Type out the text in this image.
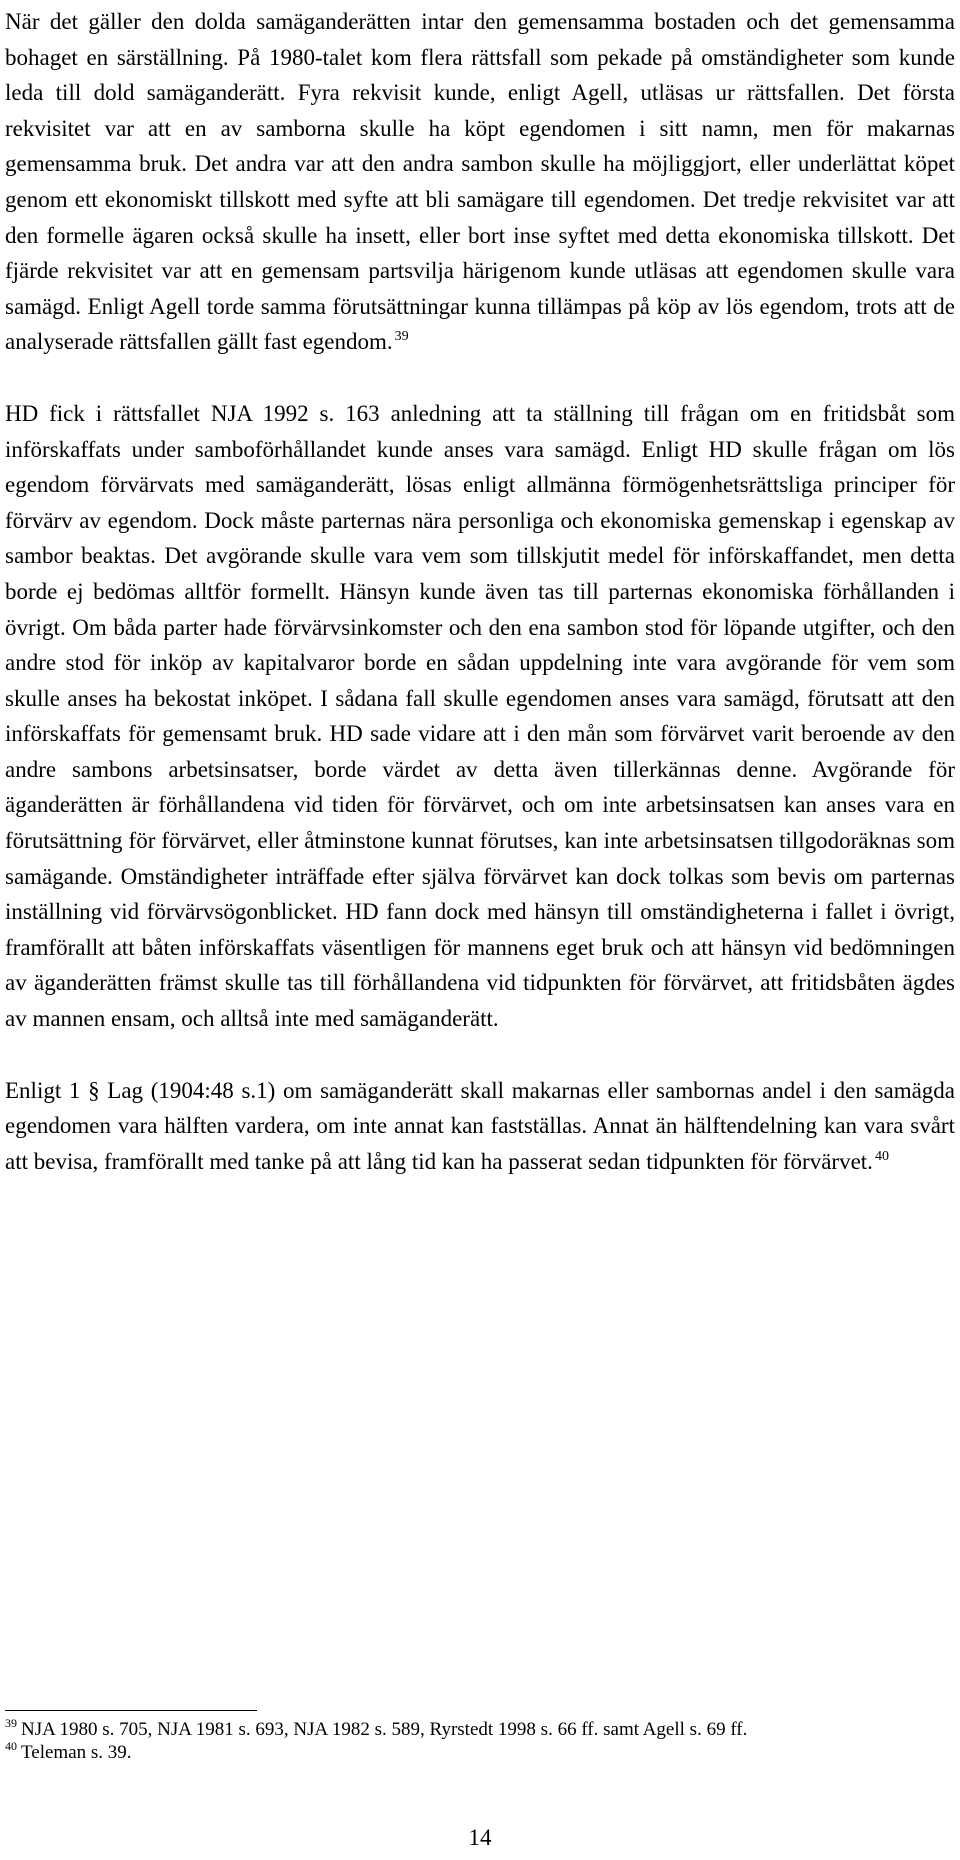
När det gäller den dolda samäganderätten intar den gemensamma bostaden och det gemensamma bohaget en särställning. På 1980-talet kom flera rättsfall som pekade på omständigheter som kunde leda till dold samäganderätt. Fyra rekvisit kunde, enligt Agell, utläsas ur rättsfallen. Det första rekvisitet var att en av samborna skulle ha köpt egendomen i sitt namn, men för makarnas gemensamma bruk. Det andra var att den andra sambon skulle ha möjliggjort, eller underlättat köpet genom ett ekonomiskt tillskott med syfte att bli samägare till egendomen. Det tredje rekvisitet var att den formelle ägaren också skulle ha insett, eller bort inse syftet med detta ekonomiska tillskott. Det fjärde rekvisitet var att en gemensam partsvilja härigenom kunde utläsas att egendomen skulle vara samägd. Enligt Agell torde samma förutsättningar kunna tillämpas på köp av lös egendom, trots att de analyserade rättsfallen gällt fast egendom. $^{39}$

HD fick i rättsfallet NJA 1992 s. 163 anledning att ta ställning till frågan om en fritidsbåt som införskaffats under samboförhållandet kunde anses vara samägd. Enligt HD skulle frågan om lös egendom förvärvats med samäganderätt, lösas enligt allmänna förmögenhetsrättsliga principer för förvärv av egendom. Dock måste parternas nära personliga och ekonomiska gemenskap i egenskap av sambor beaktas. Det avgörande skulle vara vem som tillskjutit medel för införskaffandet, men detta borde ej bedömas alltför formellt. Hänsyn kunde även tas till parternas ekonomiska förhållanden i övrigt. Om båda parter hade förvärvsinkomster och den ena sambon stod för löpande utgifter, och den andre stod för inköp av kapitalvaror borde en sådan uppdelning inte vara avgörande för vem som skulle anses ha bekostat inköpet. I sådana fall skulle egendomen anses vara samägd, förutsatt att den införskaffats för gemensamt bruk. HD sade vidare att i den mån som förvärvet varit beroende av den andre sambons arbetsinsatser, borde värdet av detta även tillerkännas denne. Avgörande för äganderätten är förhållandena vid tiden för förvärvet, och om inte arbetsinsatsen kan anses vara en förutsättning för förvärvet, eller åtminstone kunnat förutses, kan inte arbetsinsatsen tillgodoräknas som samägande. Omständigheter inträffade efter själva förvärvet kan dock tolkas som bevis om parternas inställning vid förvärvsögonblicket. HD fann dock med hänsyn till omständigheterna i fallet i övrigt, framförallt att båten införskaffats väsentligen för mannens eget bruk och att hänsyn vid bedömningen av äganderätten främst skulle tas till förhållandena vid tidpunkten för förvärvet, att fritidsbåten ägdes av mannen ensam, och alltså inte med samäganderätt.

Enligt 1 § Lag (1904:48 s.1) om samäganderätt skall makarnas eller sambornas andel i den samägda egendomen vara hälften vardera, om inte annat kan fastställas. Annat än hälftendelning kan vara svårt att bevisa, framförallt med tanke på att lång tid kan ha passerat sedan tidpunkten för förvärvet. $^{40}$

$^{39}$ NJA 1980 s. 705, NJA 1981 s. 693, NJA 1982 s. 589, Ryrstedt 1998 s. 66 ff. samt Agell s. 69 ff.

$^{40}$ Teleman s. 39.

14
